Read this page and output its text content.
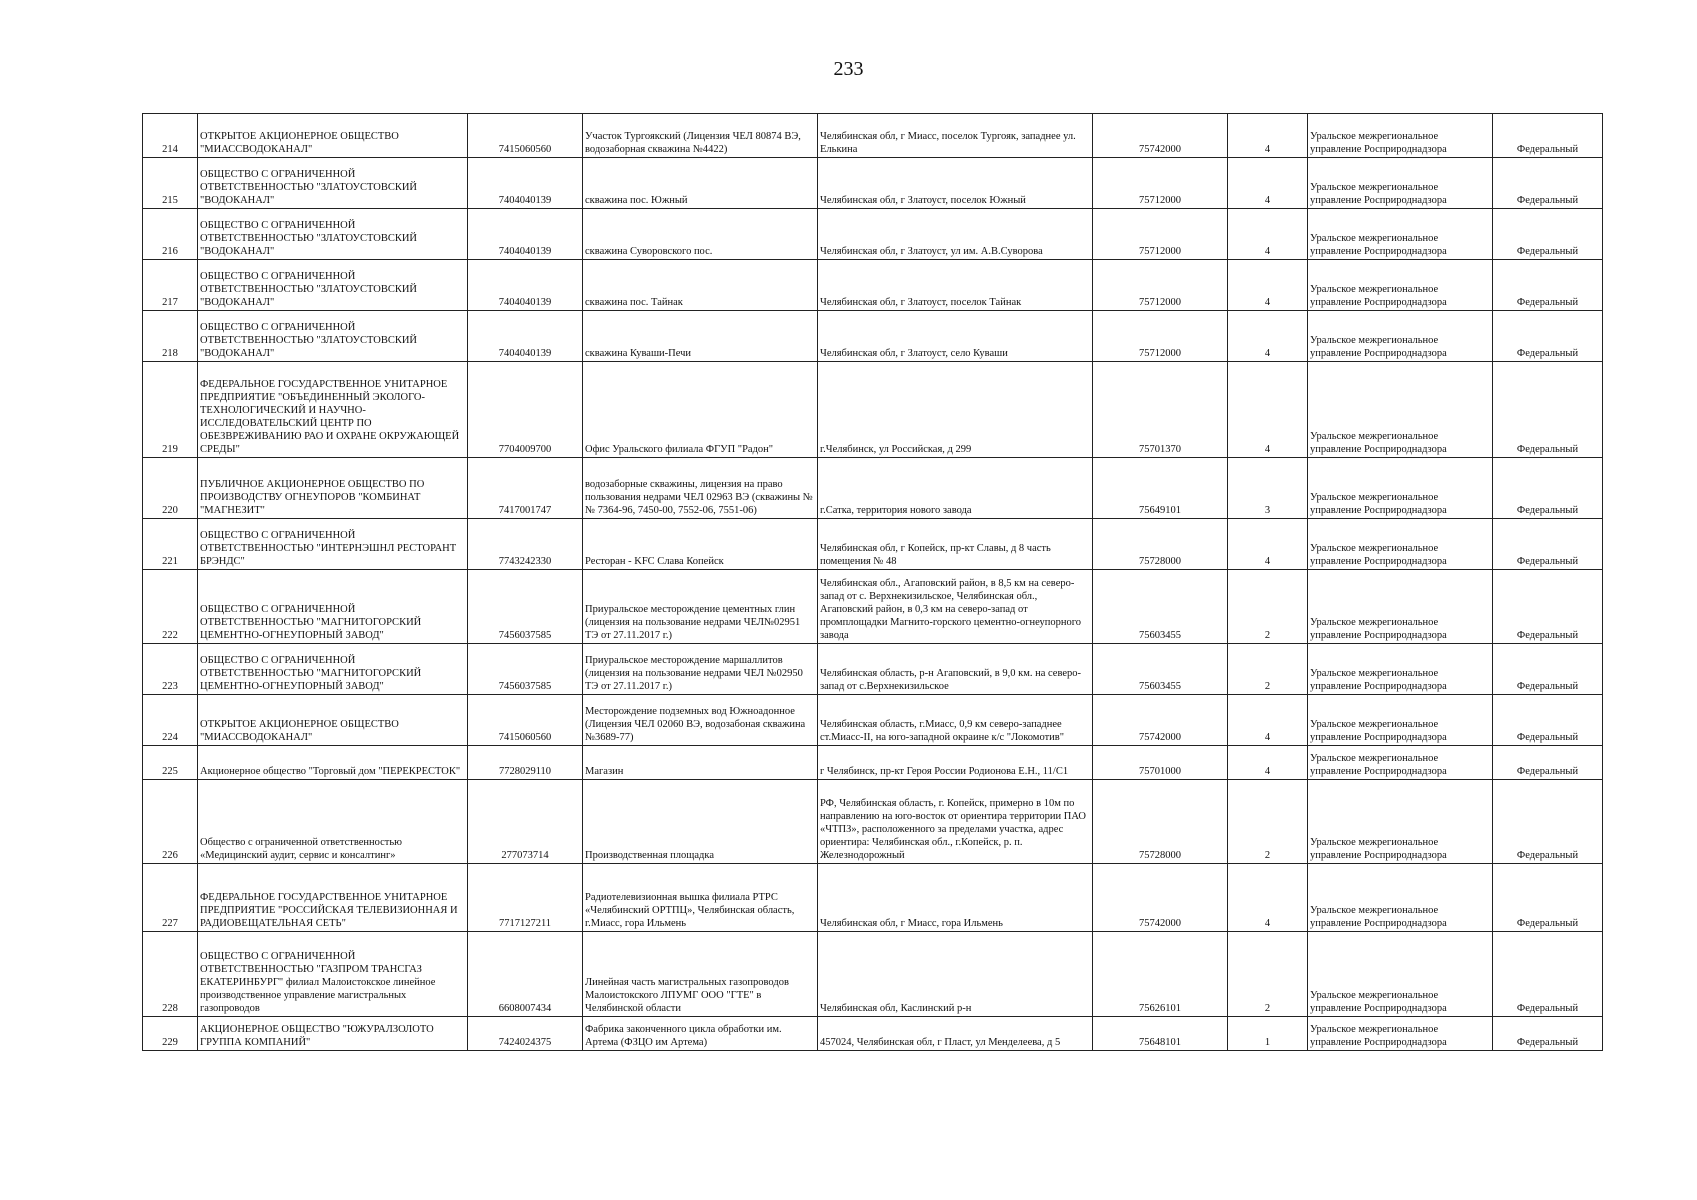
233
214	ОТКРЫТОЕ АКЦИОНЕРНОЕ ОБЩЕСТВО "МИАССВОДОКАНАЛ"	7415060560	Участок Тургоякский (Лицензия ЧЕЛ 80874 ВЭ, водозаборная скважина №4422)	Челябинская обл, г Миасс, поселок Тургояк, западнее ул. Елькина	75742000	4	Уральское межрегиональное управление Росприроднадзора	Федеральный
215	ОБЩЕСТВО С ОГРАНИЧЕННОЙ ОТВЕТСТВЕННОСТЬЮ "ЗЛАТОУСТОВСКИЙ "ВОДОКАНАЛ"	7404040139	скважина пос. Южный	Челябинская обл, г Златоуст, поселок Южный	75712000	4	Уральское межрегиональное управление Росприроднадзора	Федеральный
216	ОБЩЕСТВО С ОГРАНИЧЕННОЙ ОТВЕТСТВЕННОСТЬЮ "ЗЛАТОУСТОВСКИЙ "ВОДОКАНАЛ"	7404040139	скважина Суворовского пос.	Челябинская обл, г Златоуст, ул им. А.В.Суворова	75712000	4	Уральское межрегиональное управление Росприроднадзора	Федеральный
217	ОБЩЕСТВО С ОГРАНИЧЕННОЙ ОТВЕТСТВЕННОСТЬЮ "ЗЛАТОУСТОВСКИЙ "ВОДОКАНАЛ"	7404040139	скважина пос. Тайнак	Челябинская обл, г Златоуст, поселок Тайнак	75712000	4	Уральское межрегиональное управление Росприроднадзора	Федеральный
218	ОБЩЕСТВО С ОГРАНИЧЕННОЙ ОТВЕТСТВЕННОСТЬЮ "ЗЛАТОУСТОВСКИЙ "ВОДОКАНАЛ"	7404040139	скважина Куваши-Печи	Челябинская обл, г Златоуст, село Куваши	75712000	4	Уральское межрегиональное управление Росприроднадзора	Федеральный
219	ФЕДЕРАЛЬНОЕ ГОСУДАРСТВЕННОЕ УНИТАРНОЕ ПРЕДПРИЯТИЕ "ОБЪЕДИНЕННЫЙ ЭКОЛОГО-ТЕХНОЛОГИЧЕСКИЙ И НАУЧНО-ИССЛЕДОВАТЕЛЬСКИЙ ЦЕНТР ПО ОБЕЗВРЕЖИВАНИЮ РАО И ОХРАНЕ ОКРУЖАЮЩЕЙ СРЕДЫ"	7704009700	Офис Уральского филиала ФГУП "Радон"	г.Челябинск, ул Российская, д 299	75701370	4	Уральское межрегиональное управление Росприроднадзора	Федеральный
220	ПУБЛИЧНОЕ АКЦИОНЕРНОЕ ОБЩЕСТВО ПО ПРОИЗВОДСТВУ ОГНЕУПОРОВ "КОМБИНАТ "МАГНЕЗИТ"	7417001747	водозаборные скважины, лицензия на право пользования недрами ЧЕЛ 02963 ВЭ (скважины №№ 7364-96, 7450-00, 7552-06, 7551-06)	г.Сатка, территория нового завода	75649101	3	Уральское межрегиональное управление Росприроднадзора	Федеральный
221	ОБЩЕСТВО С ОГРАНИЧЕННОЙ ОТВЕТСТВЕННОСТЬЮ "ИНТЕРНЭШНЛ РЕСТОРАНТ БРЭНДС"	7743242330	Ресторан - KFC Слава Копейск	Челябинская обл, г Копейск, пр-кт Славы, д 8 часть помещения № 48	75728000	4	Уральское межрегиональное управление Росприроднадзора	Федеральный
222	ОБЩЕСТВО С ОГРАНИЧЕННОЙ ОТВЕТСТВЕННОСТЬЮ "МАГНИТОГОРСКИЙ ЦЕМЕНТНО-ОГНЕУПОРНЫЙ ЗАВОД"	7456037585	Приуральское месторождение цементных глин (лицензия на пользование недрами ЧЕЛ№02951 ТЭ от 27.11.2017 г.)	Челябинская обл., Агаповский район, в 8,5 км на северо-запад от с. Верхнекизильское, Челябинская обл., Агаповский район, в 0,3 км на северо-запад от промплощадки Магнито-горского цементно-огнеупорного завода	75603455	2	Уральское межрегиональное управление Росприроднадзора	Федеральный
223	ОБЩЕСТВО С ОГРАНИЧЕННОЙ ОТВЕТСТВЕННОСТЬЮ "МАГНИТОГОРСКИЙ ЦЕМЕНТНО-ОГНЕУПОРНЫЙ ЗАВОД"	7456037585	Приуральское месторождение маршаллитов (лицензия на пользование недрами ЧЕЛ №02950 ТЭ от 27.11.2017 г.)	Челябинская область, р-н Агаповский, в 9,0 км. на северо-запад от с.Верхнекизильское	75603455	2	Уральское межрегиональное управление Росприроднадзора	Федеральный
224	ОТКРЫТОЕ АКЦИОНЕРНОЕ ОБЩЕСТВО "МИАССВОДОКАНАЛ"	7415060560	Месторождение подземных вод Южноадонное (Лицензия ЧЕЛ 02060 ВЭ, водозабоная скважина №3689-77)	Челябинская область, г.Миасс, 0,9 км северо-западнее ст.Миасс-II, на юго-западной окраине к/с "Локомотив"	75742000	4	Уральское межрегиональное управление Росприроднадзора	Федеральный
225	Акционерное общество "Торговый дом "ПЕРЕКРЕСТОК"	7728029110	Магазин	г Челябинск, пр-кт Героя России Родионова Е.Н., 11/С1	75701000	4	Уральское межрегиональное управление Росприроднадзора	Федеральный
226	Общество с ограниченной ответственностью «Медицинский аудит, сервис и консалтинг»	277073714	Производственная площадка	РФ, Челябинская область, г. Копейск, примерно в 10м по направлению на юго-восток от ориентира территории ПАО «ЧТПЗ», расположенного за пределами участка, адрес ориентира: Челябинская обл., г.Копейск, р. п. Железнодорожный	75728000	2	Уральское межрегиональное управление Росприроднадзора	Федеральный
227	ФЕДЕРАЛЬНОЕ ГОСУДАРСТВЕННОЕ УНИТАРНОЕ ПРЕДПРИЯТИЕ "РОССИЙСКАЯ ТЕЛЕВИЗИОННАЯ И РАДИОВЕЩАТЕЛЬНАЯ СЕТЬ"	7717127211	Радиотелевизионная вышка филиала РТРС «Челябинский ОРТПЦ», Челябинская область, г.Миасс, гора Ильмень	Челябинская обл, г Миасс, гора Ильмень	75742000	4	Уральское межрегиональное управление Росприроднадзора	Федеральный
228	ОБЩЕСТВО С ОГРАНИЧЕННОЙ ОТВЕТСТВЕННОСТЬЮ "ГАЗПРОМ ТРАНСГАЗ ЕКАТЕРИНБУРГ" филиал Малоистокское линейное производственное управление магистральных газопроводов	6608007434	Линейная часть магистральных газопроводов Малоистокского ЛПУМГ ООО "ГТЕ" в Челябинской области	Челябинская обл, Каслинский р-н	75626101	2	Уральское межрегиональное управление Росприроднадзора	Федеральный
229	АКЦИОНЕРНОЕ ОБЩЕСТВО "ЮЖУРАЛЗОЛОТО ГРУППА КОМПАНИЙ"	7424024375	Фабрика законченного цикла обработки им. Артема (ФЗЦО им Артема)	457024, Челябинская обл, г Пласт, ул Менделеева, д 5	75648101	1	Уральское межрегиональное управление Росприроднадзора	Федеральный
